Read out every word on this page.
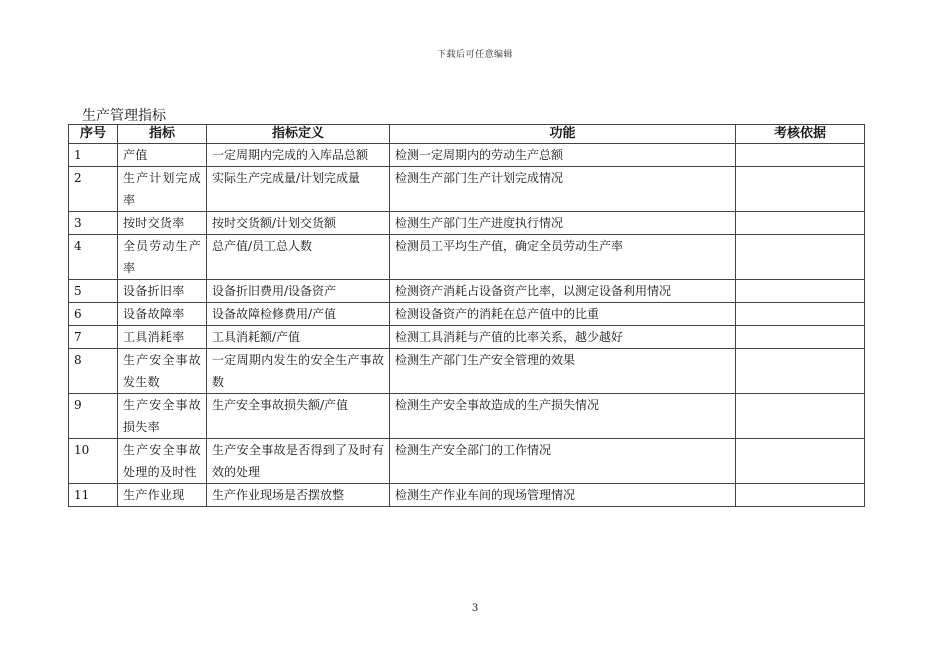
下载后可任意编辑
生产管理指标
序号	指标	指标定义	功能	考核依据
1	产值	一定周期内完成的入库品总额	检测一定周期内的劳动生产总额	
2	生产计划完成率	实际生产完成量/计划完成量	检测生产部门生产计划完成情况	
3	按时交货率	按时交货额/计划交货额	检测生产部门生产进度执行情况	
4	全员劳动生产率	总产值/员工总人数	检测员工平均生产值，确定全员劳动生产率	
5	设备折旧率	设备折旧费用/设备资产	检测资产消耗占设备资产比率，以测定设备利用情况	
6	设备故障率	设备故障检修费用/产值	检测设备资产的消耗在总产值中的比重	
7	工具消耗率	工具消耗额/产值	检测工具消耗与产值的比率关系，越少越好	
8	生产安全事故发生数	一定周期内发生的安全生产事故数	检测生产部门生产安全管理的效果	
9	生产安全事故损失率	生产安全事故损失额/产值	检测生产安全事故造成的生产损失情况	
10	生产安全事故处理的及时性	生产安全事故是否得到了及时有效的处理	检测生产安全部门的工作情况	
11	生产作业现	生产作业现场是否摆放整	检测生产作业车间的现场管理情况	
3
